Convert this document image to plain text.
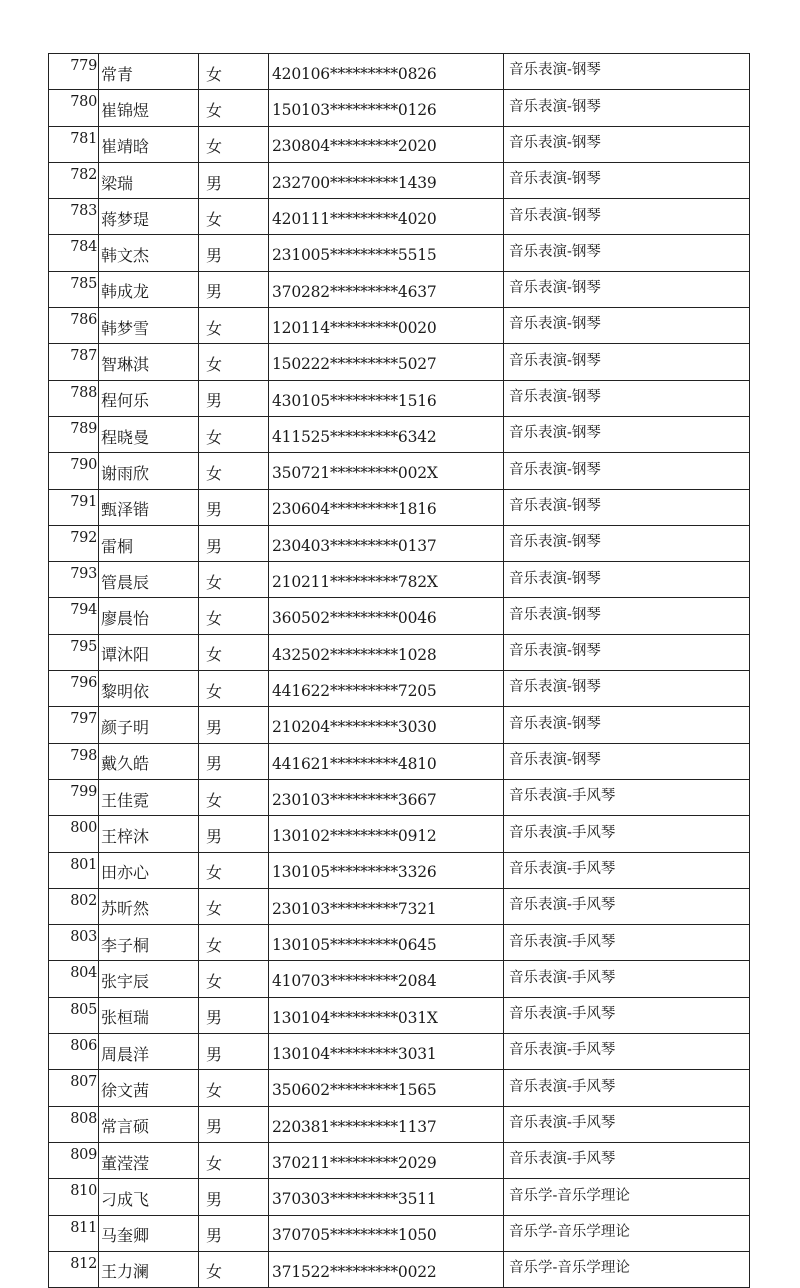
779	常青	女	420106*********0826	音乐表演-钢琴
780	崔锦煜	女	150103*********0126	音乐表演-钢琴
781	崔靖晗	女	230804*********2020	音乐表演-钢琴
782	梁瑞	男	232700*********1439	音乐表演-钢琴
783	蒋梦瑅	女	420111*********4020	音乐表演-钢琴
784	韩文杰	男	231005*********5515	音乐表演-钢琴
785	韩成龙	男	370282*********4637	音乐表演-钢琴
786	韩梦雪	女	120114*********0020	音乐表演-钢琴
787	智琳淇	女	150222*********5027	音乐表演-钢琴
788	程何乐	男	430105*********1516	音乐表演-钢琴
789	程晓曼	女	411525*********6342	音乐表演-钢琴
790	谢雨欣	女	350721*********002X	音乐表演-钢琴
791	甄泽锴	男	230604*********1816	音乐表演-钢琴
792	雷桐	男	230403*********0137	音乐表演-钢琴
793	管晨辰	女	210211*********782X	音乐表演-钢琴
794	廖晨怡	女	360502*********0046	音乐表演-钢琴
795	谭沐阳	女	432502*********1028	音乐表演-钢琴
796	黎明依	女	441622*********7205	音乐表演-钢琴
797	颜子明	男	210204*********3030	音乐表演-钢琴
798	戴久皓	男	441621*********4810	音乐表演-钢琴
799	王佳霓	女	230103*********3667	音乐表演-手风琴
800	王梓沐	男	130102*********0912	音乐表演-手风琴
801	田亦心	女	130105*********3326	音乐表演-手风琴
802	苏昕然	女	230103*********7321	音乐表演-手风琴
803	李子桐	女	130105*********0645	音乐表演-手风琴
804	张宇辰	女	410703*********2084	音乐表演-手风琴
805	张桓瑞	男	130104*********031X	音乐表演-手风琴
806	周晨洋	男	130104*********3031	音乐表演-手风琴
807	徐文茜	女	350602*********1565	音乐表演-手风琴
808	常言硕	男	220381*********1137	音乐表演-手风琴
809	董滢滢	女	370211*********2029	音乐表演-手风琴
810	刁成飞	男	370303*********3511	音乐学-音乐学理论
811	马奎卿	男	370705*********1050	音乐学-音乐学理论
812	王力澜	女	371522*********0022	音乐学-音乐学理论
